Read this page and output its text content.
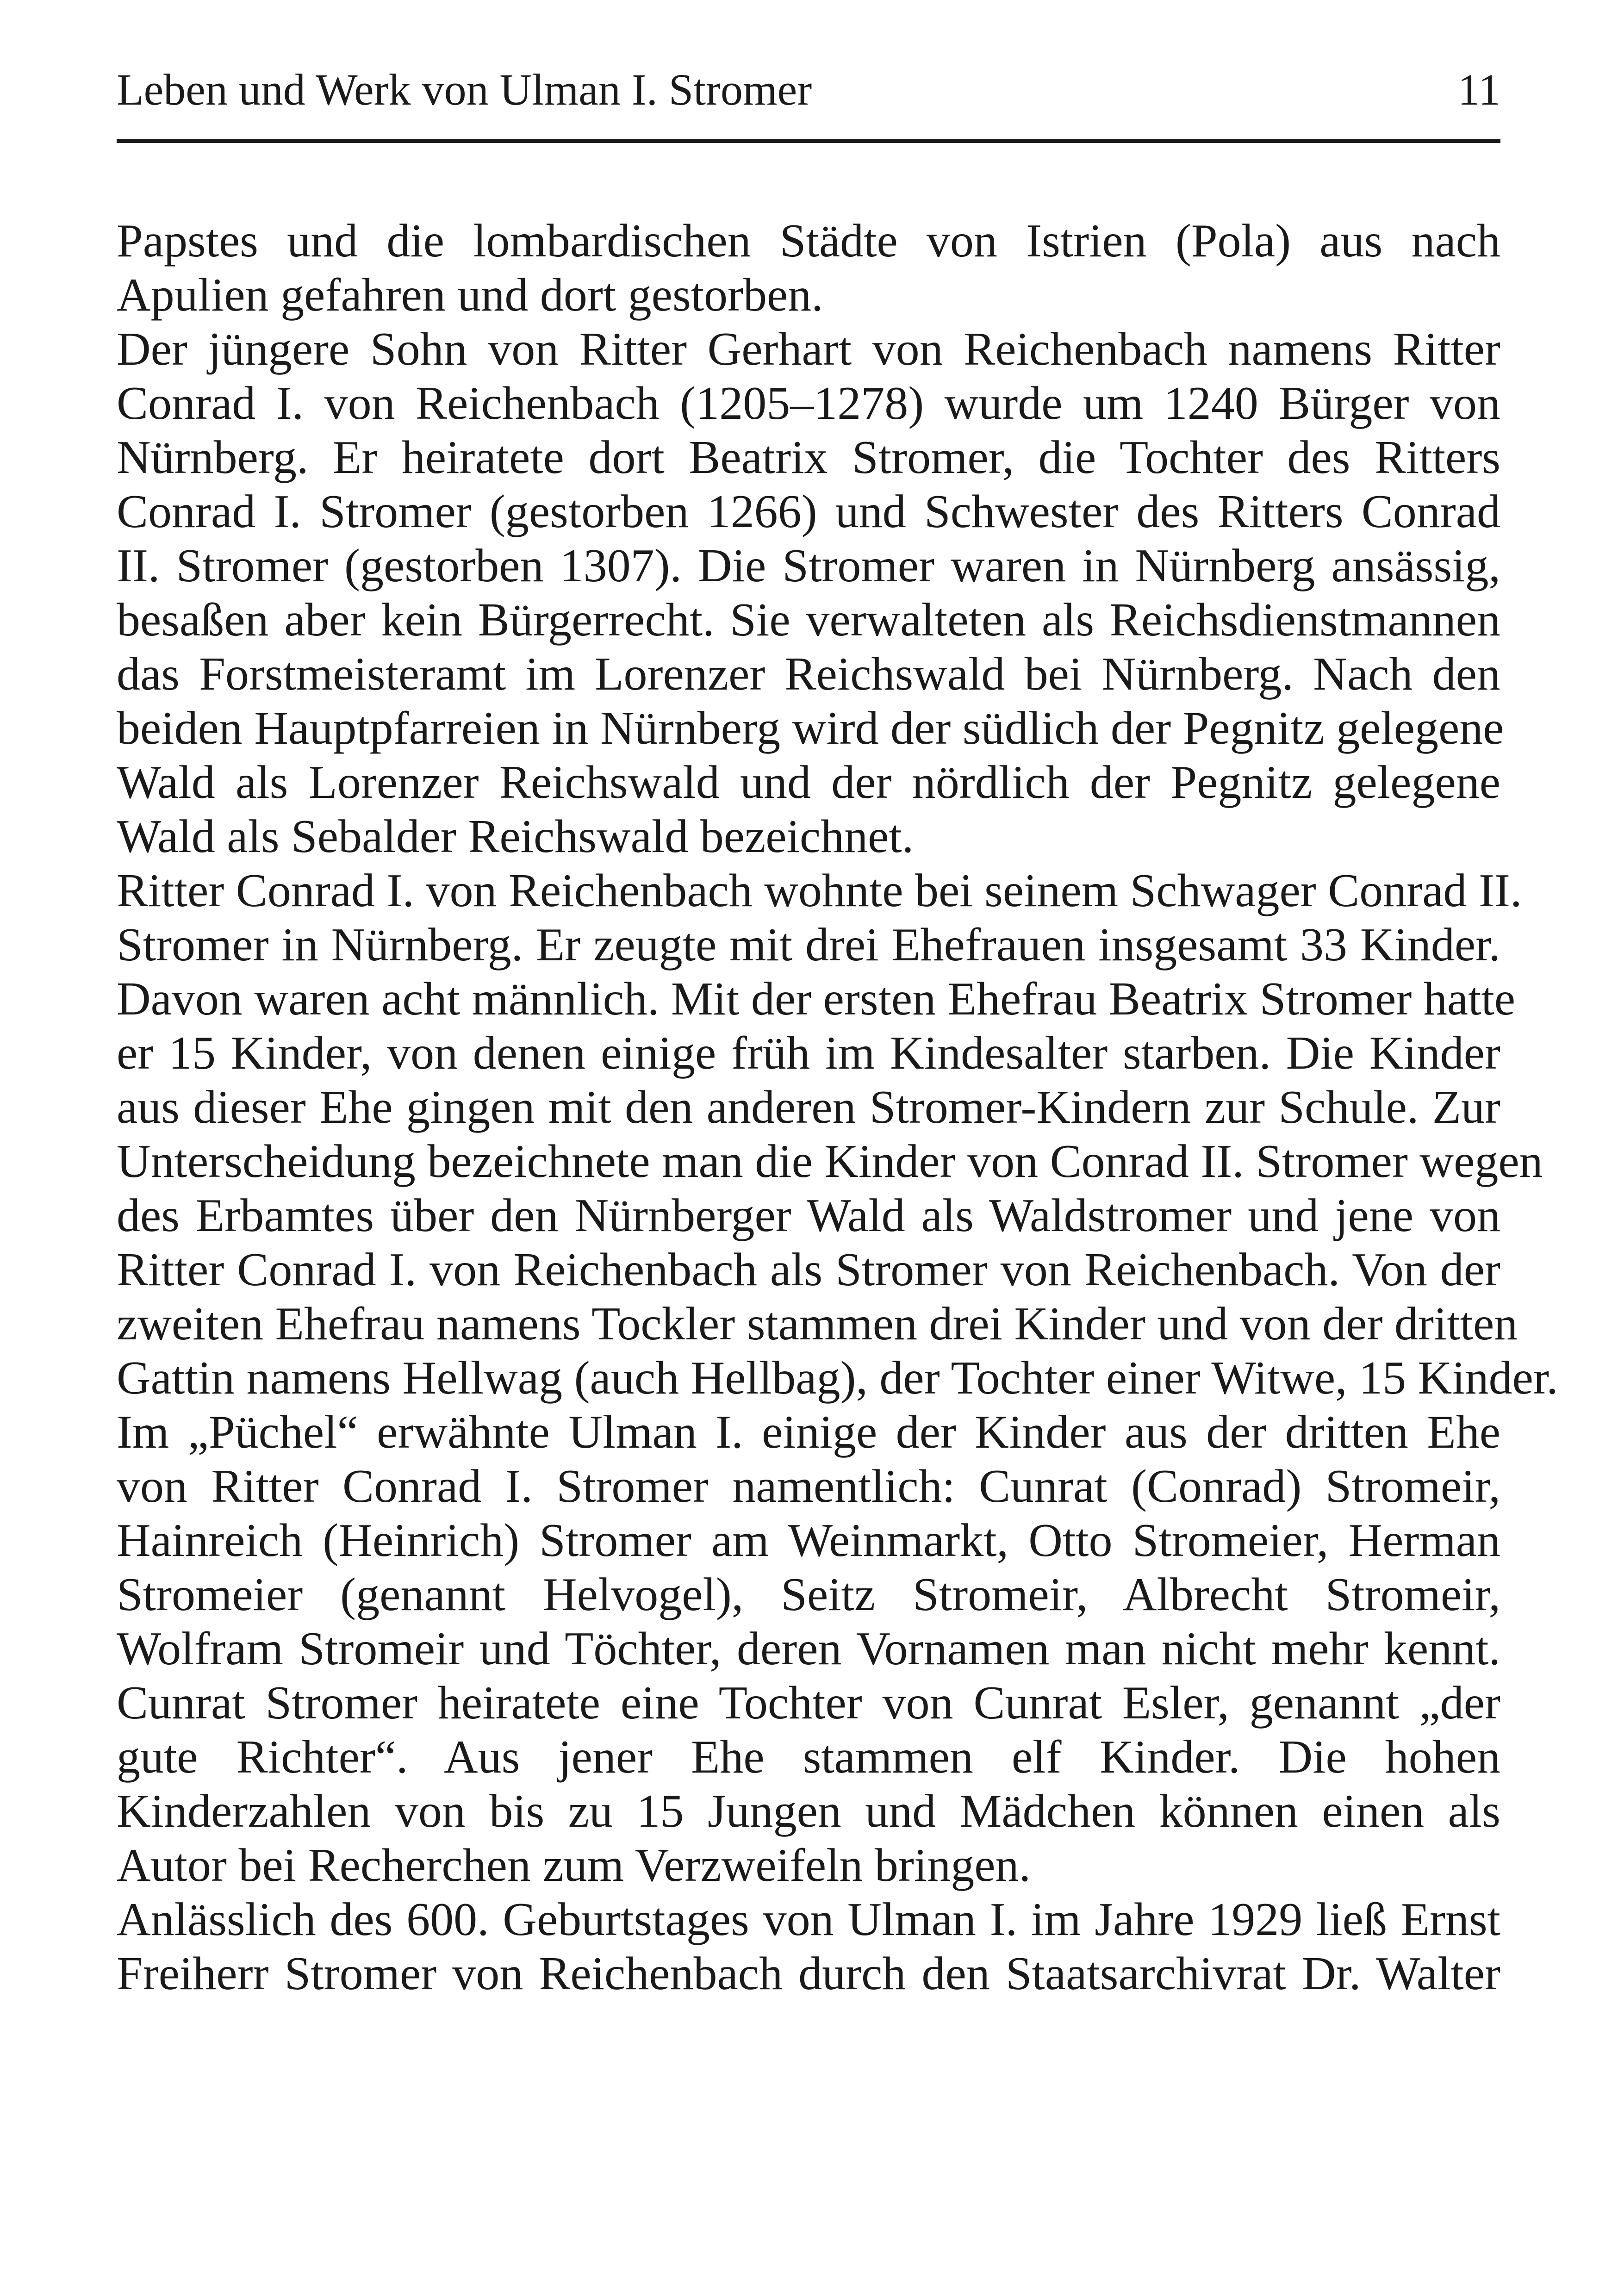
Leben und Werk von Ulman I. Stromer	11
Papstes und die lombardischen Städte von Istrien (Pola) aus nach
Apulien gefahren und dort gestorben.
Der jüngere Sohn von Ritter Gerhart von Reichenbach namens Ritter
Conrad I. von Reichenbach (1205–1278) wurde um 1240 Bürger von
Nürnberg. Er heiratete dort Beatrix Stromer, die Tochter des Ritters
Conrad I. Stromer (gestorben 1266) und Schwester des Ritters Conrad
II. Stromer (gestorben 1307). Die Stromer waren in Nürnberg ansässig,
besaßen aber kein Bürgerrecht. Sie verwalteten als Reichsdienstmannen
das Forstmeisteramt im Lorenzer Reichswald bei Nürnberg. Nach den
beiden Hauptpfarreien in Nürnberg wird der südlich der Pegnitz gelegene
Wald als Lorenzer Reichswald und der nördlich der Pegnitz gelegene
Wald als Sebalder Reichswald bezeichnet.
Ritter Conrad I. von Reichenbach wohnte bei seinem Schwager Conrad II.
Stromer in Nürnberg. Er zeugte mit drei Ehefrauen insgesamt 33 Kinder.
Davon waren acht männlich. Mit der ersten Ehefrau Beatrix Stromer hatte
er 15 Kinder, von denen einige früh im Kindesalter starben. Die Kinder
aus dieser Ehe gingen mit den anderen Stromer-Kindern zur Schule. Zur
Unterscheidung bezeichnete man die Kinder von Conrad II. Stromer wegen
des Erbamtes über den Nürnberger Wald als Waldstromer und jene von
Ritter Conrad I. von Reichenbach als Stromer von Reichenbach. Von der
zweiten Ehefrau namens Tockler stammen drei Kinder und von der dritten
Gattin namens Hellwag (auch Hellbag), der Tochter einer Witwe, 15 Kinder.
Im „Püchel“ erwähnte Ulman I. einige der Kinder aus der dritten Ehe
von Ritter Conrad I. Stromer namentlich: Cunrat (Conrad) Stromeir,
Hainreich (Heinrich) Stromer am Weinmarkt, Otto Stromeier, Herman
Stromeier (genannt Helvogel), Seitz Stromeir, Albrecht Stromeir,
Wolfram Stromeir und Töchter, deren Vornamen man nicht mehr kennt.
Cunrat Stromer heiratete eine Tochter von Cunrat Esler, genannt „der
gute Richter“. Aus jener Ehe stammen elf Kinder. Die hohen
Kinderzahlen von bis zu 15 Jungen und Mädchen können einen als
Autor bei Recherchen zum Verzweifeln bringen.
Anlässlich des 600. Geburtstages von Ulman I. im Jahre 1929 ließ Ernst
Freiherr Stromer von Reichenbach durch den Staatsarchivrat Dr. Walter
